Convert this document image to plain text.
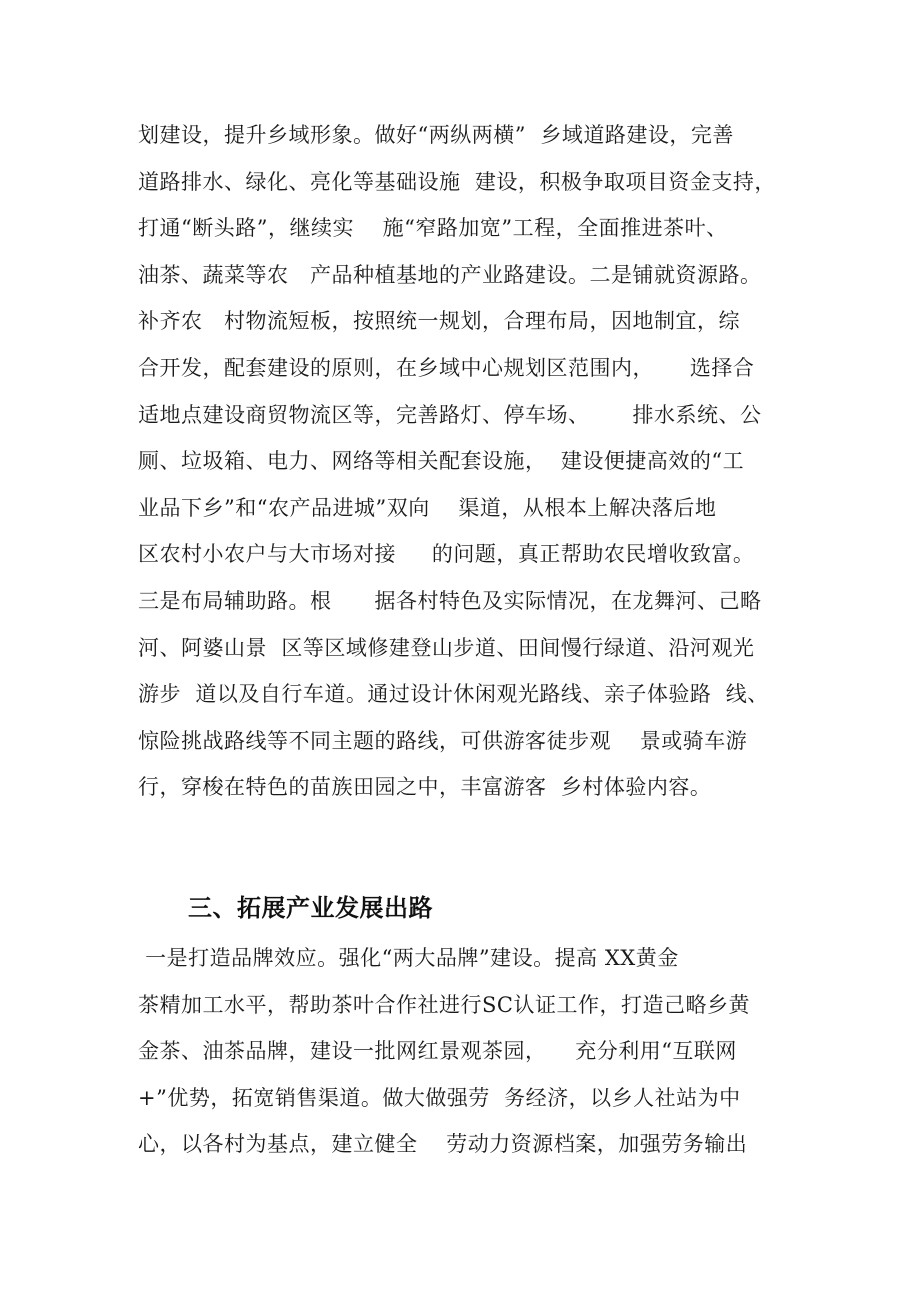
划建设，提升乡域形象。做好“两纵两横”  乡域道路建设，完善
道路排水、绿化、亮化等基础设施  建设，积极争取项目资金支持，
打通“断头路”，继续实    施“窄路加宽”工程，全面推进茶叶、
油茶、蔬菜等农   产品种植基地的产业路建设。二是铺就资源路。
补齐农   村物流短板，按照统一规划，合理布局，因地制宜，综
合开发，配套建设的原则，在乡域中心规划区范围内，     选择合
适地点建设商贸物流区等，完善路灯、停车场、      排水系统、公
厕、垃圾箱、电力、网络等相关配套设施，  建设便捷高效的“工
业品下乡”和“农产品进城”双向    渠道，从根本上解决落后地
区农村小农户与大市场对接     的问题，真正帮助农民增收致富。
三是布局辅助路。根      据各村特色及实际情况，在龙舞河、己略
河、阿婆山景  区等区域修建登山步道、田间慢行绿道、沿河观光
游步  道以及自行车道。通过设计休闲观光路线、亲子体验路  线、
惊险挑战路线等不同主题的路线，可供游客徒步观    景或骑车游
行，穿梭在特色的苗族田园之中，丰富游客  乡村体验内容。
三、拓展产业发展出路
一是打造品牌效应。强化“两大品牌”建设。提高 XX黄金
茶精加工水平，帮助茶叶合作社进行SC认证工作，打造己略乡黄
金茶、油茶品牌，建设一批网红景观茶园，    充分利用“互联网
+”优势，拓宽销售渠道。做大做强劳  务经济，以乡人社站为中
心，以各村为基点，建立健全    劳动力资源档案，加强劳务输出
